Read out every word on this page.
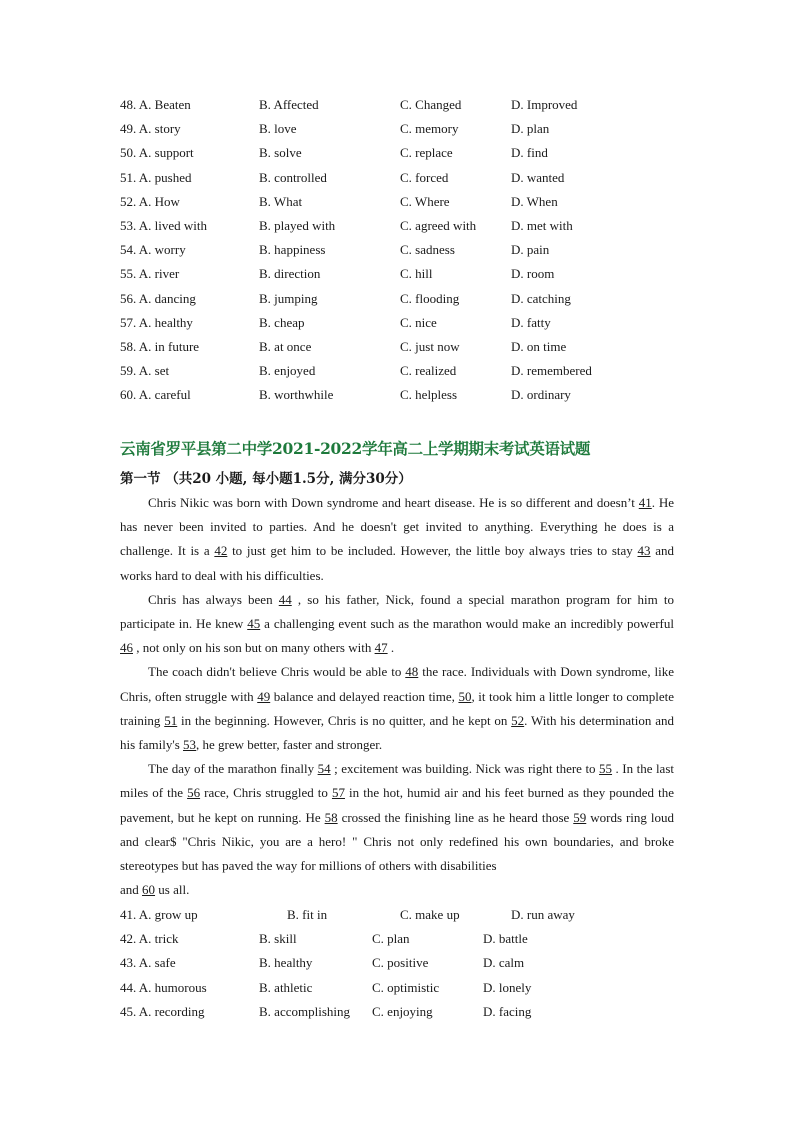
48. A. Beaten	B. Affected	C. Changed	D. Improved
49. A. story	B. love	C. memory	D. plan
50. A. support	B. solve	C. replace	D. find
51. A. pushed	B. controlled	C. forced	D. wanted
52. A. How	B. What	C. Where	D. When
53. A. lived with	B. played with	C. agreed with	D. met with
54. A. worry	B. happiness	C. sadness	D. pain
55. A. river	B. direction	C. hill	D. room
56. A. dancing	B. jumping	C. flooding	D. catching
57. A. healthy	B. cheap	C. nice	D. fatty
58. A. in future	B. at once	C. just now	D. on time
59. A. set	B. enjoyed	C. realized	D. remembered
60. A. careful	B. worthwhile	C. helpless	D. ordinary
云南省罗平县第二中学2021-2022学年高二上学期期末考试英语试题
第一节 （共20 小题, 每小题1.5分, 满分30分）

Chris Nikic was born with Down syndrome and heart disease. He is so different and doesn’t 41. He has never been invited to parties. And he doesn't get invited to anything. Everything he does is a challenge. It is a 42 to just get him to be included. However, the little boy always tries to stay 43 and works hard to deal with his difficulties.

Chris has always been 44 , so his father, Nick, found a special marathon program for him to participate in. He knew 45 a challenging event such as the marathon would make an incredibly powerful 46 , not only on his son but on many others with 47 .

The coach didn't believe Chris would be able to 48 the race. Individuals with Down syndrome, like Chris, often struggle with 49 balance and delayed reaction time, 50, it took him a little longer to complete training 51 in the beginning. However, Chris is no quitter, and he kept on 52. With his determination and his family's 53, he grew better, faster and stronger.

The day of the marathon finally 54 ; excitement was building. Nick was right there to 55 . In the last miles of the 56 race, Chris struggled to 57 in the hot, humid air and his feet burned as they pounded the pavement, but he kept on running. He 58 crossed the finishing line as he heard those 59 words ring loud and clear$ "Chris Nikic, you are a hero! " Chris not only redefined his own boundaries, and broke stereotypes but has paved the way for millions of others with disabilities

and 60 us all.

41. A. grow up	B. fit in	C. make up	D. run away
42. A. trick	B. skill	C. plan	D. battle
43. A. safe	B. healthy	C. positive	D. calm
44. A. humorous	B. athletic	C. optimistic	D. lonely
45. A. recording	B. accomplishing C. enjoying	D. facing
